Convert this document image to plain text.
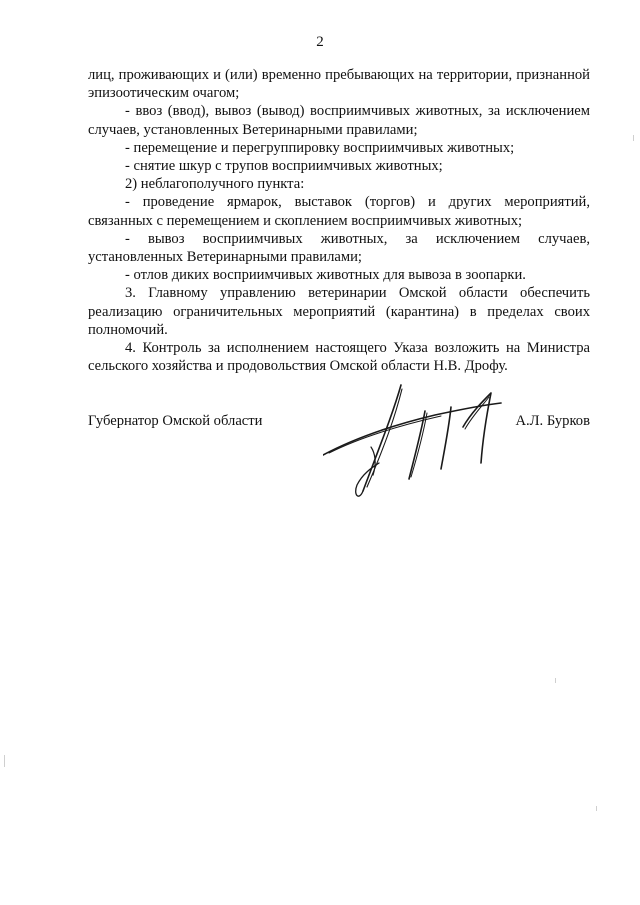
2

лиц, проживающих и (или) временно пребывающих на территории, признанной эпизоотическим очагом;

- ввоз (ввод), вывоз (вывод) восприимчивых животных, за исключением случаев, установленных Ветеринарными правилами;

- перемещение и перегруппировку восприимчивых животных;

- снятие шкур с трупов восприимчивых животных;

2) неблагополучного пункта:

- проведение ярмарок, выставок (торгов) и других мероприятий, связанных с перемещением и скоплением восприимчивых животных;

- вывоз восприимчивых животных, за исключением случаев, установленных Ветеринарными правилами;

- отлов диких восприимчивых животных для вывоза в зоопарки.

3. Главному управлению ветеринарии Омской области обеспечить реализацию ограничительных мероприятий (карантина) в пределах своих полномочий.

4. Контроль за исполнением настоящего Указа возложить на Министра сельского хозяйства и продовольствия Омской области Н.В. Дрофу.

Губернатор Омской области	А.Л. Бурков
